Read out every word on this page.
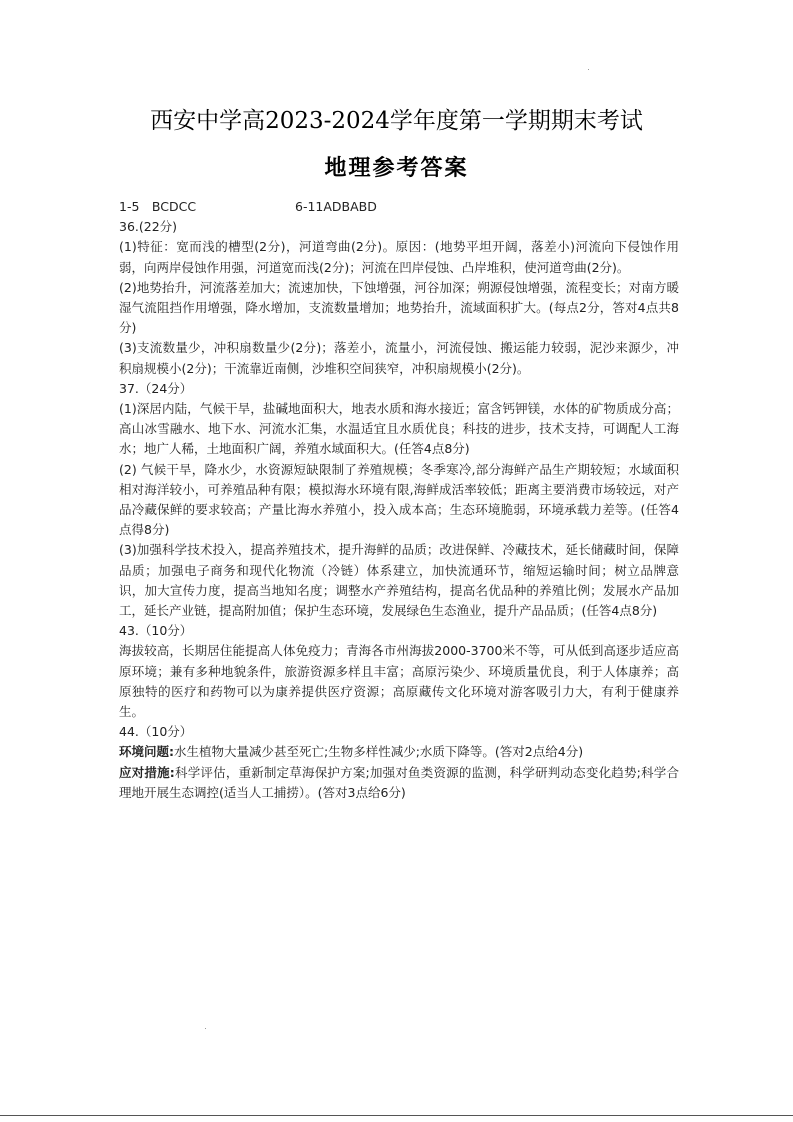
西安中学高2023-2024学年度第一学期期末考试
地理参考答案

1-5　BCDCC	6-11ADBABD

36.(22分)

(1)特征：宽而浅的槽型(2分)，河道弯曲(2分)。原因：(地势平坦开阔，落差小)河流向下侵蚀作用弱，向两岸侵蚀作用强，河道宽而浅(2分)；河流在凹岸侵蚀、凸岸堆积，使河道弯曲(2分)。

(2)地势抬升，河流落差加大；流速加快，下蚀增强，河谷加深；朔源侵蚀增强，流程变长；对南方暖湿气流阻挡作用增强，降水增加，支流数量增加；地势抬升，流域面积扩大。(每点2分，答对4点共8分)

(3)支流数量少，冲积扇数量少(2分)；落差小，流量小，河流侵蚀、搬运能力较弱，泥沙来源少，冲积扇规模小(2分)；干流靠近南侧，沙堆积空间狭窄，冲积扇规模小(2分)。

37.（24分）

(1)深居内陆，气候干旱，盐碱地面积大，地表水质和海水接近；富含钙钾镁，水体的矿物质成分高；高山冰雪融水、地下水、河流水汇集，水温适宜且水质优良；科技的进步，技术支持，可调配人工海水；地广人稀，土地面积广阔，养殖水域面积大。(任答4点8分)

(2) 气候干旱，降水少，水资源短缺限制了养殖规模；冬季寒冷,部分海鲜产品生产期较短；水域面积相对海洋较小，可养殖品种有限；模拟海水环境有限,海鲜成活率较低；距离主要消费市场较远，对产品冷藏保鲜的要求较高；产量比海水养殖小，投入成本高；生态环境脆弱，环境承载力差等。(任答4点得8分)

(3)加强科学技术投入，提高养殖技术，提升海鲜的品质；改进保鲜、冷藏技术，延长储藏时间，保障品质；加强电子商务和现代化物流（冷链）体系建立，加快流通环节，缩短运输时间；树立品牌意识，加大宣传力度，提高当地知名度；调整水产养殖结构，提高名优品种的养殖比例；发展水产品加工，延长产业链，提高附加值；保护生态环境，发展绿色生态渔业，提升产品品质；(任答4点8分)

43.（10分）

海拔较高，长期居住能提高人体免疫力；青海各市州海拔2000-3700米不等，可从低到高逐步适应高原环境；兼有多种地貌条件，旅游资源多样且丰富；高原污染少、环境质量优良，利于人体康养；高原独特的医疗和药物可以为康养提供医疗资源；高原藏传文化环境对游客吸引力大，有利于健康养生。

44.（10分）

环境问题:水生植物大量减少甚至死亡;生物多样性减少;水质下降等。(答对2点给4分)

应对措施:科学评估，重新制定草海保护方案;加强对鱼类资源的监测，科学研判动态变化趋势;科学合理地开展生态调控(适当人工捕捞）。(答对3点给6分)
